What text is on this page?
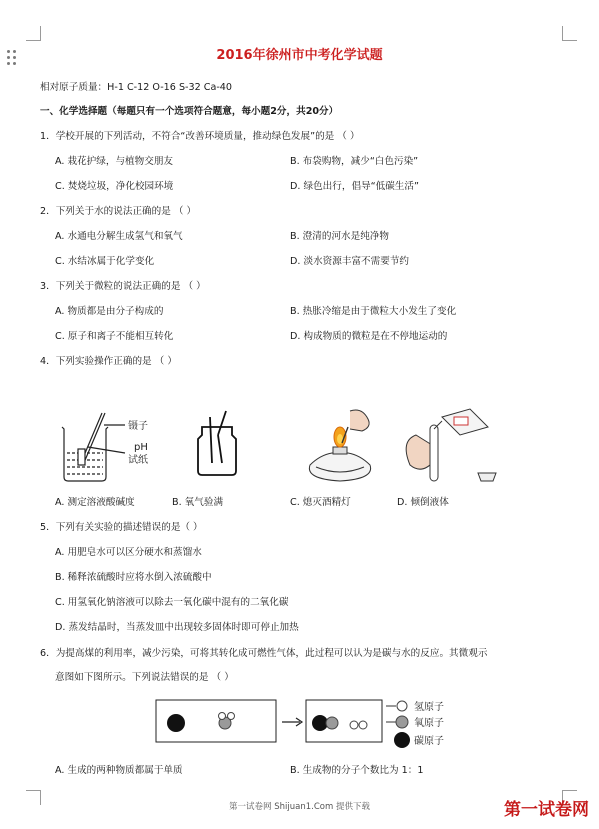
2016年徐州市中考化学试题
相对原子质量：H-1 C-12 O-16 S-32 Ca-40
一、化学选择题（每题只有一个选项符合题意，每小题2分，共20分）
1．学校开展的下列活动，不符合“改善环境质量，推动绿色发展”的是 （ ）
A. 栽花护绿，与植物交朋友	B. 布袋购物，减少“白色污染”
C. 焚烧垃圾，净化校园环境	D. 绿色出行，倡导“低碳生活”
2．下列关于水的说法正确的是 （ ）
A. 水通电分解生成氢气和氧气	B. 澄清的河水是纯净物
C. 水结冰属于化学变化	D. 淡水资源丰富不需要节约
3．下列关于微粒的说法正确的是 （ ）
A. 物质都是由分子构成的	B. 热胀冷缩是由于微粒大小发生了变化
C. 原子和离子不能相互转化	D. 构成物质的微粒是在不停地运动的
4．下列实验操作正确的是 （ ）
镊子
pH
试纸
A. 测定溶液酸碱度	B. 氧气验满	C. 熄灭酒精灯	D. 倾倒液体
5．下列有关实验的描述错误的是（ ）
A. 用肥皂水可以区分硬水和蒸馏水
B. 稀释浓硫酸时应将水倒入浓硫酸中
C. 用氢氧化钠溶液可以除去一氧化碳中混有的二氧化碳
D. 蒸发结晶时，当蒸发皿中出现较多固体时即可停止加热
6．为提高煤的利用率，减少污染，可将其转化成可燃性气体，此过程可以认为是碳与水的反应。其微观示
意图如下图所示。下列说法错误的是 （ ）
氢原子
氧原子
碳原子
A. 生成的两种物质都属于单质	B. 生成物的分子个数比为 1：1
第一试卷网 Shijuan1.Com 提供下载	第一试卷网
